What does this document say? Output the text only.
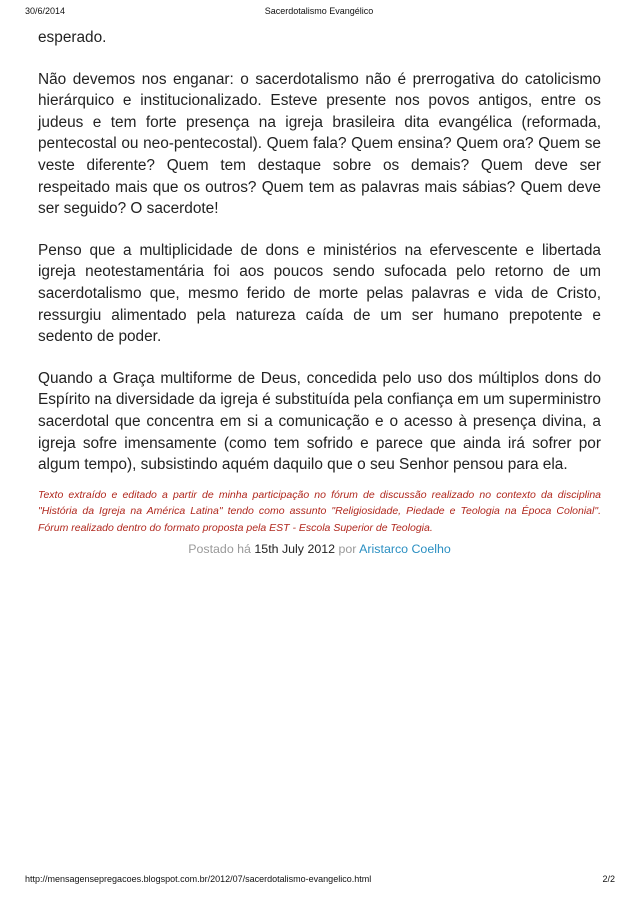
30/6/2014	Sacerdotalismo Evangélico

esperado.

Não devemos nos enganar: o sacerdotalismo não é prerrogativa do catolicismo hierárquico e institucionalizado. Esteve presente nos povos antigos, entre os judeus e tem forte presença na igreja brasileira dita evangélica (reformada, pentecostal ou neo-pentecostal). Quem fala? Quem ensina? Quem ora? Quem se veste diferente? Quem tem destaque sobre os demais? Quem deve ser respeitado mais que os outros? Quem tem as palavras mais sábias? Quem deve ser seguido? O sacerdote!

Penso que a multiplicidade de dons e ministérios na efervescente e libertada igreja neotestamentária foi aos poucos sendo sufocada pelo retorno de um sacerdotalismo que, mesmo ferido de morte pelas palavras e vida de Cristo, ressurgiu alimentado pela natureza caída de um ser humano prepotente e sedento de poder.

Quando a Graça multiforme de Deus, concedida pelo uso dos múltiplos dons do Espírito na diversidade da igreja é substituída pela confiança em um superministro sacerdotal que concentra em si a comunicação e o acesso à presença divina, a igreja sofre imensamente (como tem sofrido e parece que ainda irá sofrer por algum tempo), subsistindo aquém daquilo que o seu Senhor pensou para ela.

Texto extraído e editado a partir de minha participação no fórum de discussão realizado no contexto da disciplina "História da Igreja na América Latina" tendo como assunto "Religiosidade, Piedade e Teologia na Época Colonial". Fórum realizado dentro do formato proposta pela EST - Escola Superior de Teologia.

Postado há 15th July 2012 por Aristarco Coelho
http://mensagensepregacoes.blogspot.com.br/2012/07/sacerdotalismo-evangelico.html	2/2
